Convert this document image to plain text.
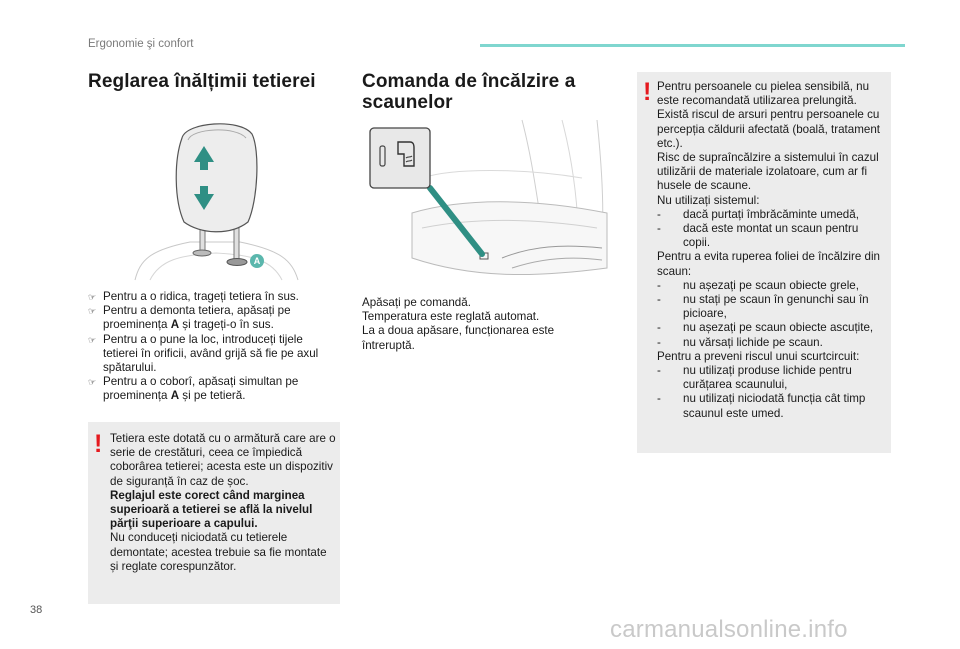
Ergonomie şi confort
Reglarea înălțimii tetierei
A
☞ Pentru a o ridica, trageți tetiera în sus.
☞ Pentru a demonta tetiera, apăsați pe proeminența A și trageți-o în sus.
☞ Pentru a o pune la loc, introduceți tijele tetierei în orificii, având grijă să fie pe axul spătarului.
☞ Pentru a o coborî, apăsați simultan pe proeminența A și pe tetieră.
! Tetiera este dotată cu o armătură care are o serie de crestături, ceea ce împiedică coborârea tetierei; acesta este un dispozitiv de siguranță în caz de șoc.

Reglajul este corect când marginea superioară a tetierei se află la nivelul părţii superioare a capului.

Nu conduceți niciodată cu tetierele demontate; acestea trebuie sa fie montate și reglate corespunzător.

Comanda de încălzire a
scaunelor
Apăsați pe comandă.
Temperatura este reglată automat.
La a doua apăsare, funcționarea este întreruptă.
! Pentru persoanele cu pielea sensibilă, nu este recomandată utilizarea prelungită.

Există riscul de arsuri pentru persoanele cu percepția căldurii afectată (boală, tratament etc.).

Risc de supraîncălzire a sistemului în cazul utilizării de materiale izolatoare, cum ar fi husele de scaune.

Nu utilizați sistemul:

- dacă purtați îmbrăcăminte umedă,
- dacă este montat un scaun pentru copii.

Pentru a evita ruperea foliei de încălzire din scaun:

- nu așezați pe scaun obiecte grele,
- nu stați pe scaun în genunchi sau în picioare,
- nu așezați pe scaun obiecte ascuțite,
- nu vărsați lichide pe scaun.

Pentru a preveni riscul unui scurtcircuit:

- nu utilizați produse lichide pentru curățarea scaunului,
- nu utilizați niciodată funcția cât timp scaunul este umed.
38
carmanualsonline.info
